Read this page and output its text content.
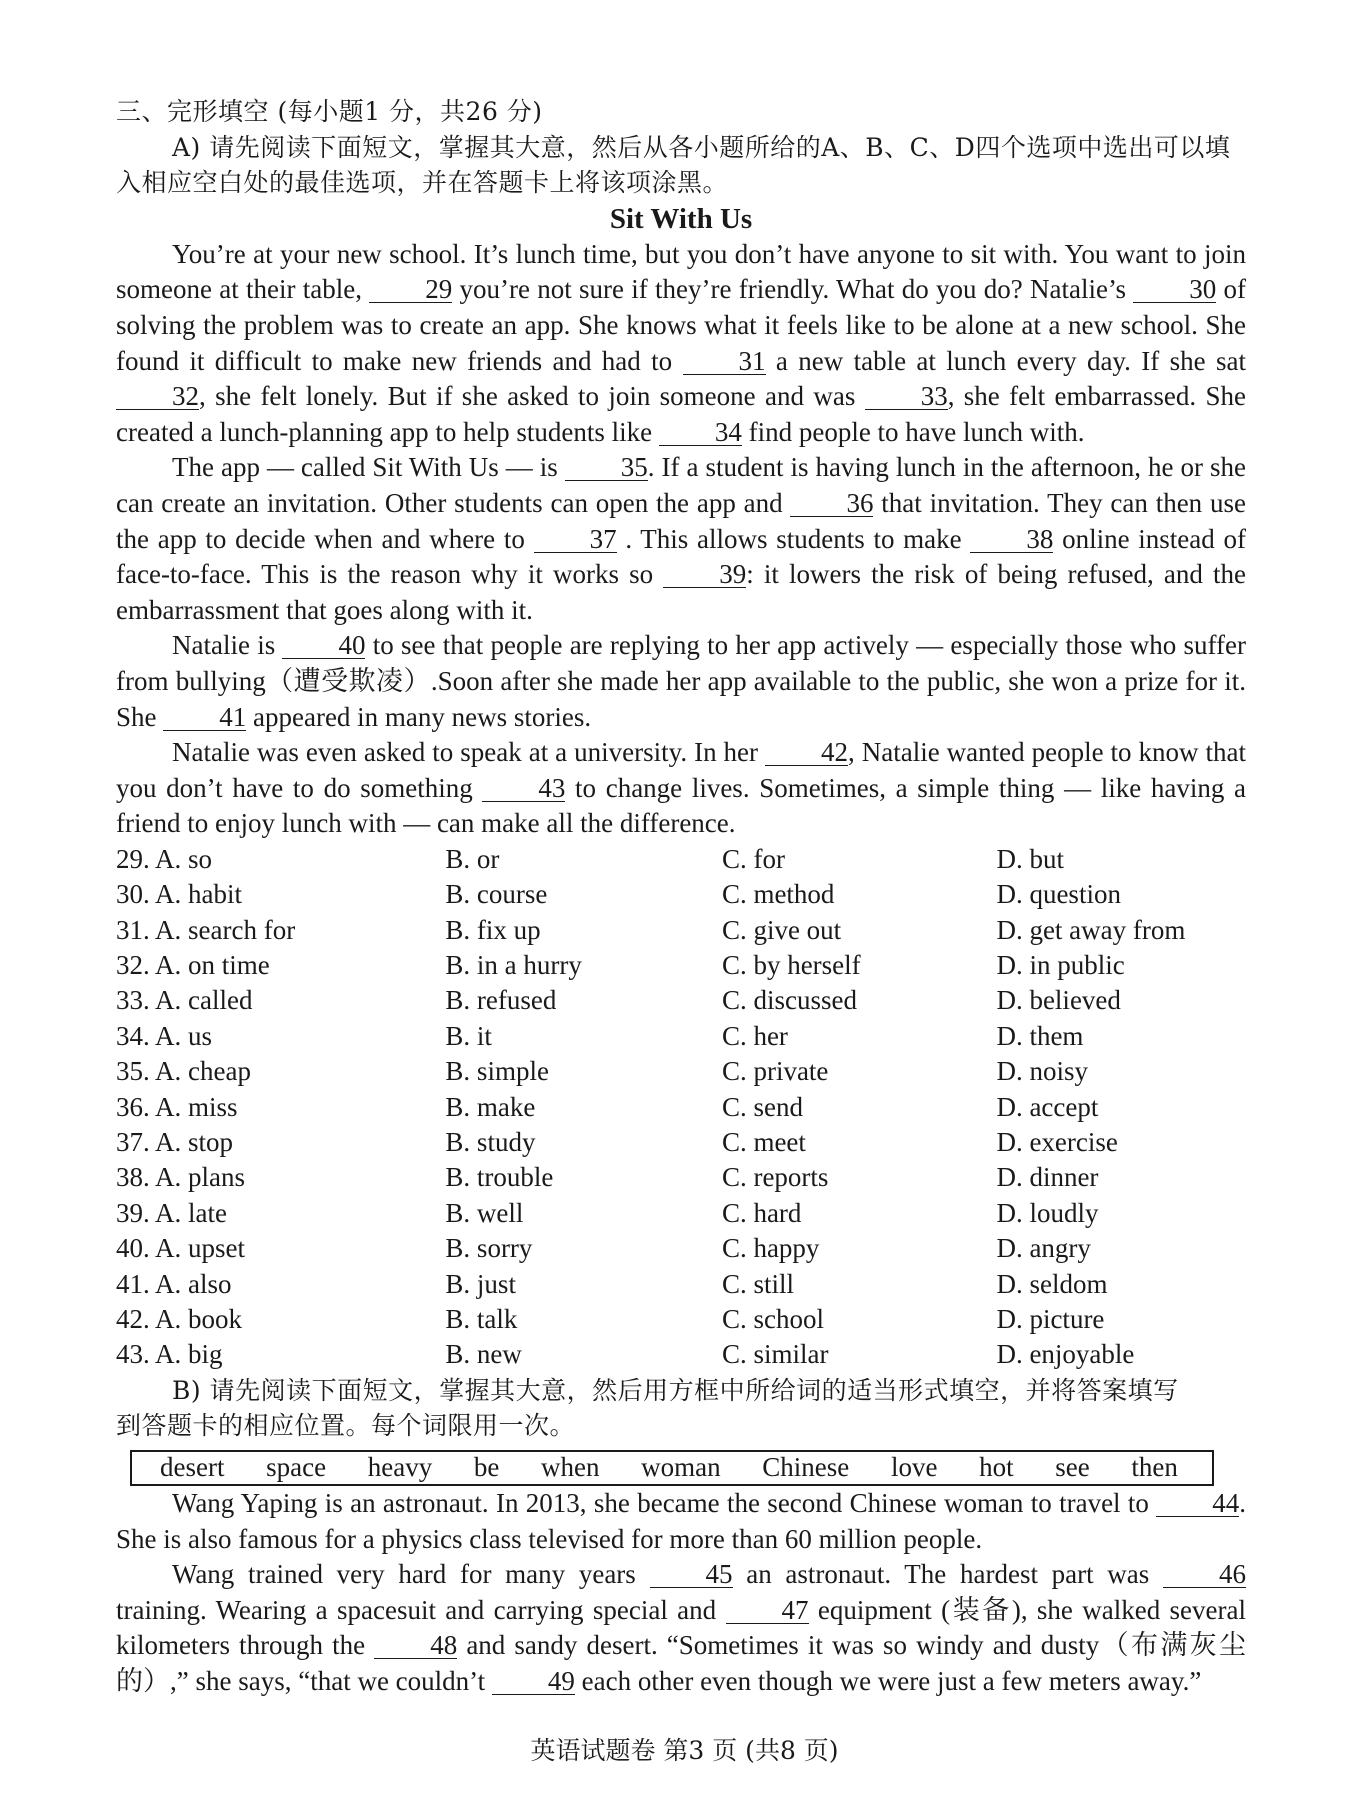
三、完形填空 (每小题1 分，共26 分)
A) 请先阅读下面短文，掌握其大意，然后从各小题所给的A、B、C、D四个选项中选出可以填
入相应空白处的最佳选项，并在答题卡上将该项涂黑。
Sit With Us

You’re at your new school. It’s lunch time, but you don’t have anyone to sit with. You want to join someone at their table, 29 you’re not sure if they’re friendly. What do you do? Natalie’s 30 of solving the problem was to create an app. She knows what it feels like to be alone at a new school. She found it difficult to make new friends and had to 31 a new table at lunch every day. If she sat 32, she felt lonely. But if she asked to join someone and was 33, she felt embarrassed. She created a lunch-planning app to help students like 34 find people to have lunch with.

The app — called Sit With Us — is 35. If a student is having lunch in the afternoon, he or she can create an invitation. Other students can open the app and 36 that invitation. They can then use the app to decide when and where to 37 . This allows students to make 38 online instead of face-to-face. This is the reason why it works so 39: it lowers the risk of being refused, and the embarrassment that goes along with it.

Natalie is 40 to see that people are replying to her app actively — especially those who suffer from bullying（遭受欺凌）.Soon after she made her app available to the public, she won a prize for it. She 41 appeared in many news stories.

Natalie was even asked to speak at a university. In her 42, Natalie wanted people to know that you don’t have to do something 43 to change lives. Sometimes, a simple thing — like having a friend to enjoy lunch with — can make all the difference.

29. A. so	B. or	C. for	D. but
30. A. habit	B. course	C. method	D. question
31. A. search for	B. fix up	C. give out	D. get away from
32. A. on time	B. in a hurry	C. by herself	D. in public
33. A. called	B. refused	C. discussed	D. believed
34. A. us	B. it	C. her	D. them
35. A. cheap	B. simple	C. private	D. noisy
36. A. miss	B. make	C. send	D. accept
37. A. stop	B. study	C. meet	D. exercise
38. A. plans	B. trouble	C. reports	D. dinner
39. A. late	B. well	C. hard	D. loudly
40. A. upset	B. sorry	C. happy	D. angry
41. A. also	B. just	C. still	D. seldom
42. A. book	B. talk	C. school	D. picture
43. A. big	B. new	C. similar	D. enjoyable
B) 请先阅读下面短文，掌握其大意，然后用方框中所给词的适当形式填空，并将答案填写
到答题卡的相应位置。每个词限用一次。
desert space heavy be when woman Chinese love hot see then

Wang Yaping is an astronaut. In 2013, she became the second Chinese woman to travel to 44. She is also famous for a physics class televised for more than 60 million people.

Wang trained very hard for many years 45 an astronaut. The hardest part was 46 training. Wearing a spacesuit and carrying special and 47 equipment (装备), she walked several kilometers through the 48 and sandy desert. “Sometimes it was so windy and dusty（布满灰尘的）,” she says, “that we couldn’t 49 each other even though we were just a few meters away.”

英语试题卷 第3 页 (共8 页)
